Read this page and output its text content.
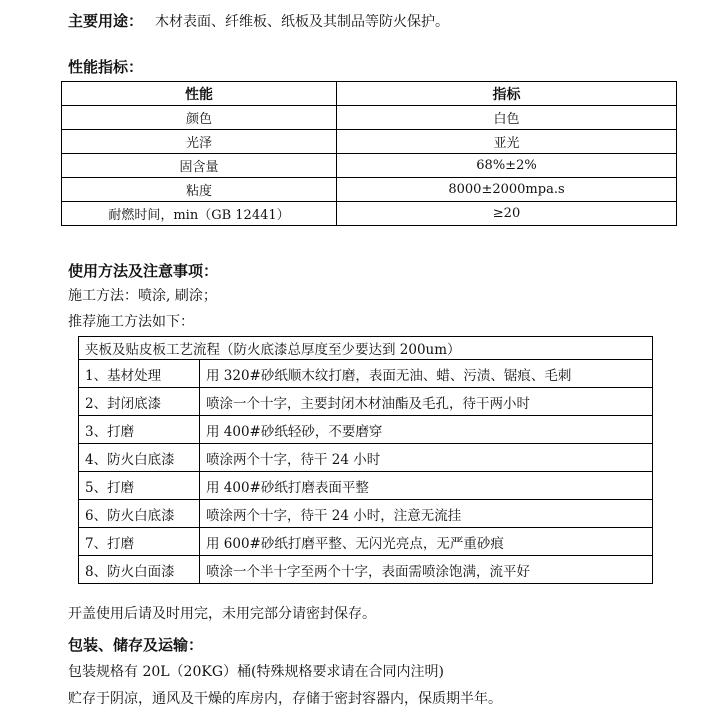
主要用途： 木材表面、纤维板、纸板及其制品等防火保护。
性能指标：
性能	指标
颜色	白色
光泽	亚光
固含量	68%±2%
粘度	8000±2000mpa.s
耐燃时间，min（GB 12441）	≥20
使用方法及注意事项：
施工方法：喷涂, 刷涂；
推荐施工方法如下：
夹板及贴皮板工艺流程（防火底漆总厚度至少要达到 200um）	
1、基材处理	用 320#砂纸顺木纹打磨，表面无油、蜡、污渍、锯痕、毛刺
2、封闭底漆	喷涂一个十字，主要封闭木材油酯及毛孔，待干两小时
3、打磨	用 400#砂纸轻砂，不要磨穿
4、防火白底漆	喷涂两个十字，待干 24 小时
5、打磨	用 400#砂纸打磨表面平整
6、防火白底漆	喷涂两个十字，待干 24 小时，注意无流挂
7、打磨	用 600#砂纸打磨平整、无闪光亮点，无严重砂痕
8、防火白面漆	喷涂一个半十字至两个十字，表面需喷涂饱满，流平好
开盖使用后请及时用完，未用完部分请密封保存。
包装、储存及运输：
包装规格有 20L（20KG）桶(特殊规格要求请在合同内注明)
贮存于阴凉，通风及干燥的库房内，存储于密封容器内，保质期半年。
